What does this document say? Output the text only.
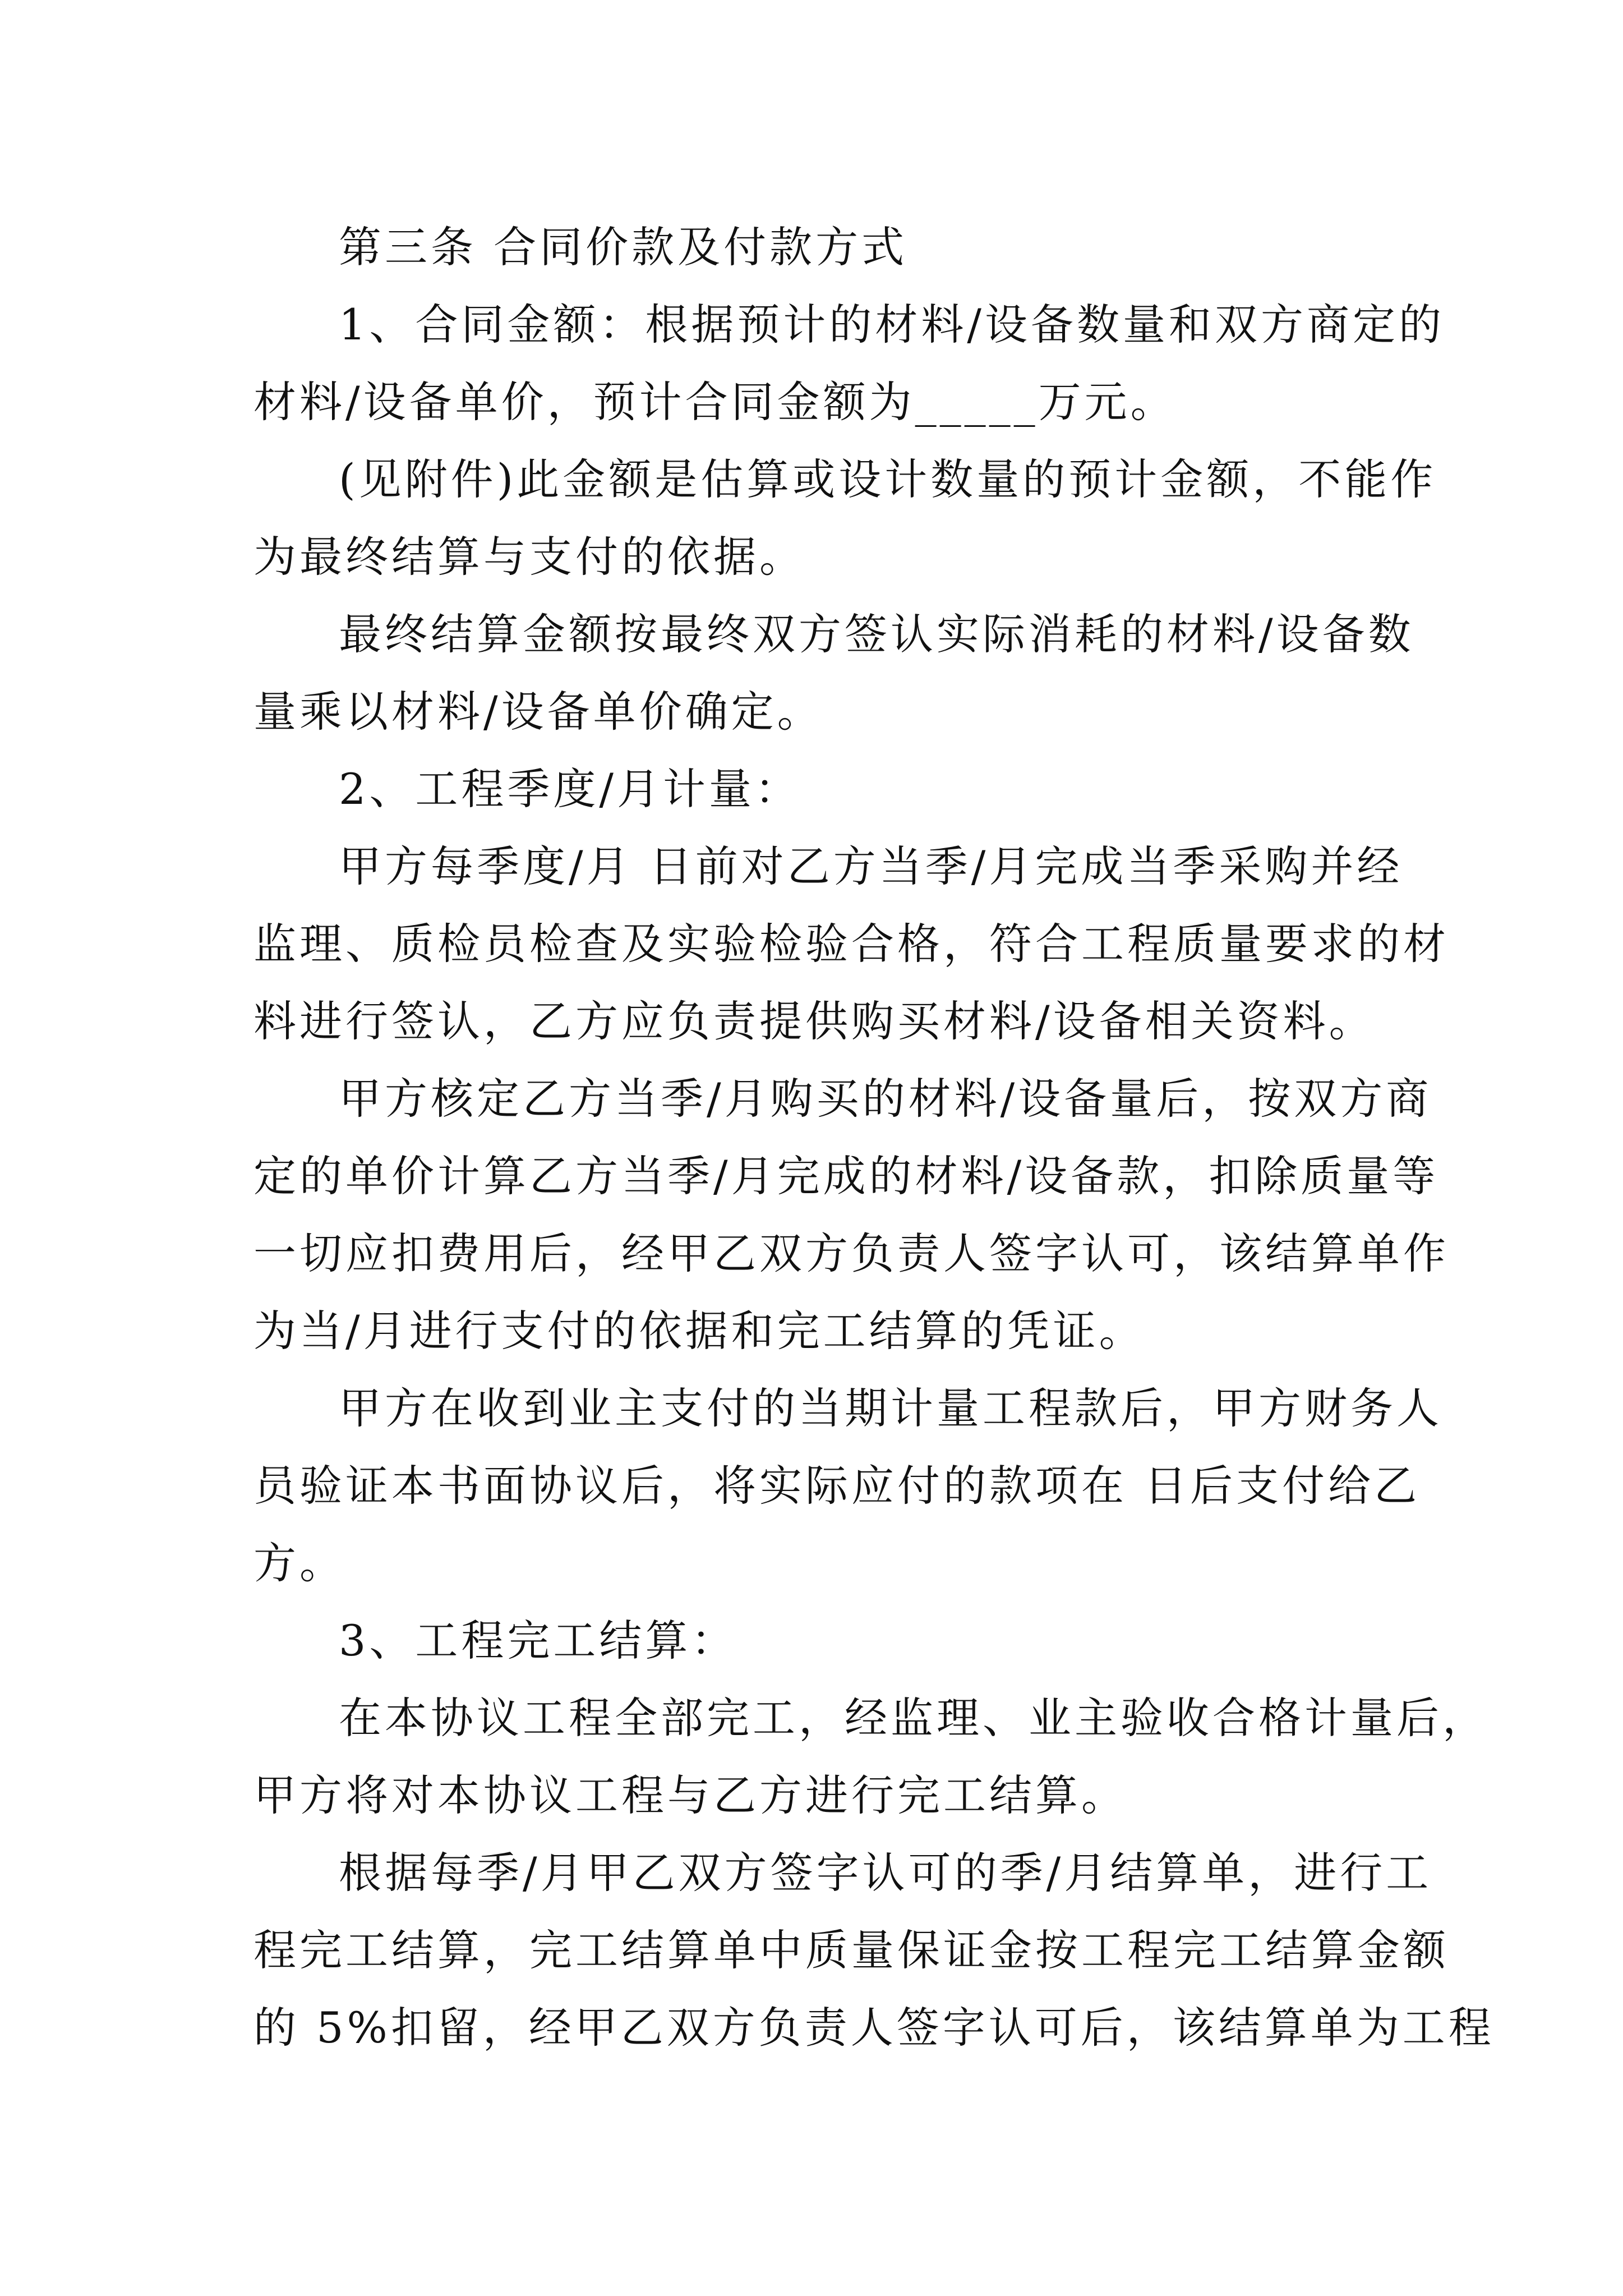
第三条 合同价款及付款方式
1、合同金额：根据预计的材料/设备数量和双方商定的
材料/设备单价，预计合同金额为_____万元。
(见附件)此金额是估算或设计数量的预计金额，不能作
为最终结算与支付的依据。
最终结算金额按最终双方签认实际消耗的材料/设备数
量乘以材料/设备单价确定。
2、工程季度/月计量：
甲方每季度/月 日前对乙方当季/月完成当季采购并经
监理、质检员检查及实验检验合格，符合工程质量要求的材
料进行签认，乙方应负责提供购买材料/设备相关资料。
甲方核定乙方当季/月购买的材料/设备量后，按双方商
定的单价计算乙方当季/月完成的材料/设备款，扣除质量等
一切应扣费用后，经甲乙双方负责人签字认可，该结算单作
为当/月进行支付的依据和完工结算的凭证。
甲方在收到业主支付的当期计量工程款后，甲方财务人
员验证本书面协议后，将实际应付的款项在 日后支付给乙
方。
3、工程完工结算：
在本协议工程全部完工，经监理、业主验收合格计量后，
甲方将对本协议工程与乙方进行完工结算。
根据每季/月甲乙双方签字认可的季/月结算单，进行工
程完工结算，完工结算单中质量保证金按工程完工结算金额
的 5%扣留，经甲乙双方负责人签字认可后，该结算单为工程
